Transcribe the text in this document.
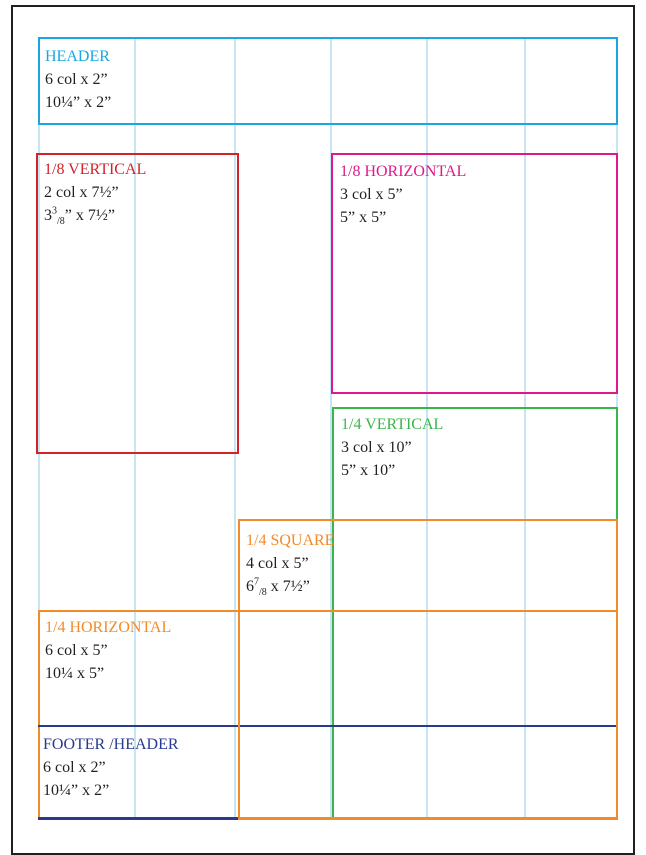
HEADER
6 col x 2”
10¼” x 2”
1/8 VERTICAL
2 col x 7½”
$3^3_{/8}$” x 7½”
1/8 HORIZONTAL
3 col x 5”
5” x 5”
1/4 VERTICAL
3 col x 10”
5” x 10”
1/4 HORIZONTAL
6 col x 5”
10¼ x 5”
FOOTER /HEADER
6 col x 2”
10¼” x 2”
1/4 SQUARE
4 col x 5”
$6^7_{/8}$ x 7½”
